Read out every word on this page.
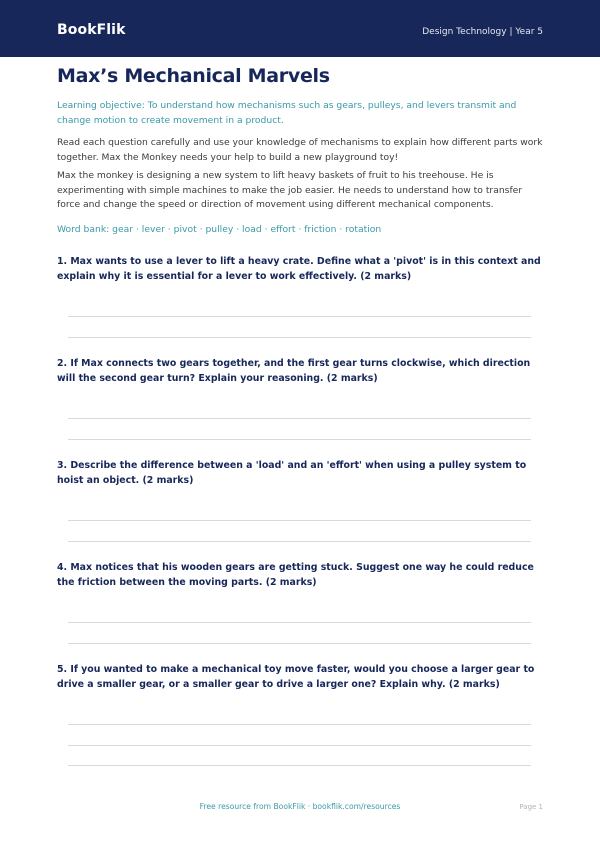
BookFlik	Design Technology | Year 5
Max’s Mechanical Marvels

Learning objective: To understand how mechanisms such as gears, pulleys, and levers transmit and change motion to create movement in a product.

Read each question carefully and use your knowledge of mechanisms to explain how different parts work together. Max the Monkey needs your help to build a new playground toy!

Max the monkey is designing a new system to lift heavy baskets of fruit to his treehouse. He is experimenting with simple machines to make the job easier. He needs to understand how to transfer force and change the speed or direction of movement using different mechanical components.

Word bank: gear · lever · pivot · pulley · load · effort · friction · rotation

1. Max wants to use a lever to lift a heavy crate. Define what a 'pivot' is in this context and explain why it is essential for a lever to work effectively. (2 marks)

2. If Max connects two gears together, and the first gear turns clockwise, which direction will the second gear turn? Explain your reasoning. (2 marks)

3. Describe the difference between a 'load' and an 'effort' when using a pulley system to hoist an object. (2 marks)

4. Max notices that his wooden gears are getting stuck. Suggest one way he could reduce the friction between the moving parts. (2 marks)

5. If you wanted to make a mechanical toy move faster, would you choose a larger gear to drive a smaller gear, or a smaller gear to drive a larger one? Explain why. (2 marks)

Free resource from BookFlik · bookflik.com/resources	Page 1
